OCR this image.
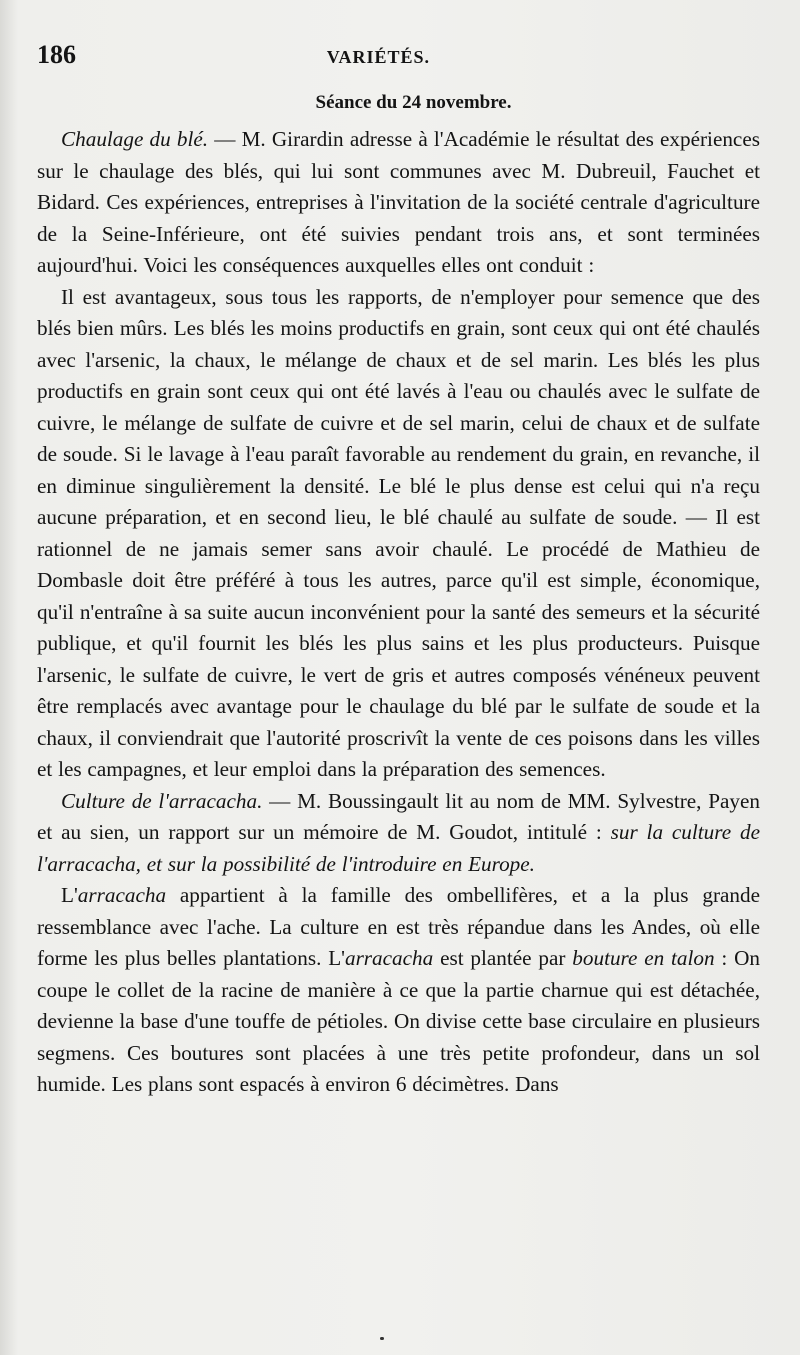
186	VARIÉTÉS.
Séance du 24 novembre.

Chaulage du blé. — M. Girardin adresse à l'Académie le résultat des expériences sur le chaulage des blés, qui lui sont communes avec M. Dubreuil, Fauchet et Bidard. Ces expériences, entreprises à l'invitation de la société centrale d'agriculture de la Seine-Inférieure, ont été suivies pendant trois ans, et sont terminées aujourd'hui. Voici les conséquences auxquelles elles ont conduit :

Il est avantageux, sous tous les rapports, de n'employer pour semence que des blés bien mûrs. Les blés les moins productifs en grain, sont ceux qui ont été chaulés avec l'arsenic, la chaux, le mélange de chaux et de sel marin. Les blés les plus productifs en grain sont ceux qui ont été lavés à l'eau ou chaulés avec le sulfate de cuivre, le mélange de sulfate de cuivre et de sel marin, celui de chaux et de sulfate de soude. Si le lavage à l'eau paraît favorable au rendement du grain, en revanche, il en diminue singulièrement la densité. Le blé le plus dense est celui qui n'a reçu aucune préparation, et en second lieu, le blé chaulé au sulfate de soude. — Il est rationnel de ne jamais semer sans avoir chaulé. Le procédé de Mathieu de Dombasle doit être préféré à tous les autres, parce qu'il est simple, économique, qu'il n'entraîne à sa suite aucun inconvénient pour la santé des semeurs et la sécurité publique, et qu'il fournit les blés les plus sains et les plus producteurs. Puisque l'arsenic, le sulfate de cuivre, le vert de gris et autres composés vénéneux peuvent être remplacés avec avantage pour le chaulage du blé par le sulfate de soude et la chaux, il conviendrait que l'autorité proscrivît la vente de ces poisons dans les villes et les campagnes, et leur emploi dans la préparation des semences.

Culture de l'arracacha. — M. Boussingault lit au nom de MM. Sylvestre, Payen et au sien, un rapport sur un mémoire de M. Goudot, intitulé : sur la culture de l'arracacha, et sur la possibilité de l'introduire en Europe.

L'arracacha appartient à la famille des ombellifères, et a la plus grande ressemblance avec l'ache. La culture en est très répandue dans les Andes, où elle forme les plus belles plantations. L'arracacha est plantée par bouture en talon : On coupe le collet de la racine de manière à ce que la partie charnue qui est détachée, devienne la base d'une touffe de pétioles. On divise cette base circulaire en plusieurs segmens. Ces boutures sont placées à une très petite profondeur, dans un sol humide. Les plans sont espacés à environ 6 décimètres. Dans
